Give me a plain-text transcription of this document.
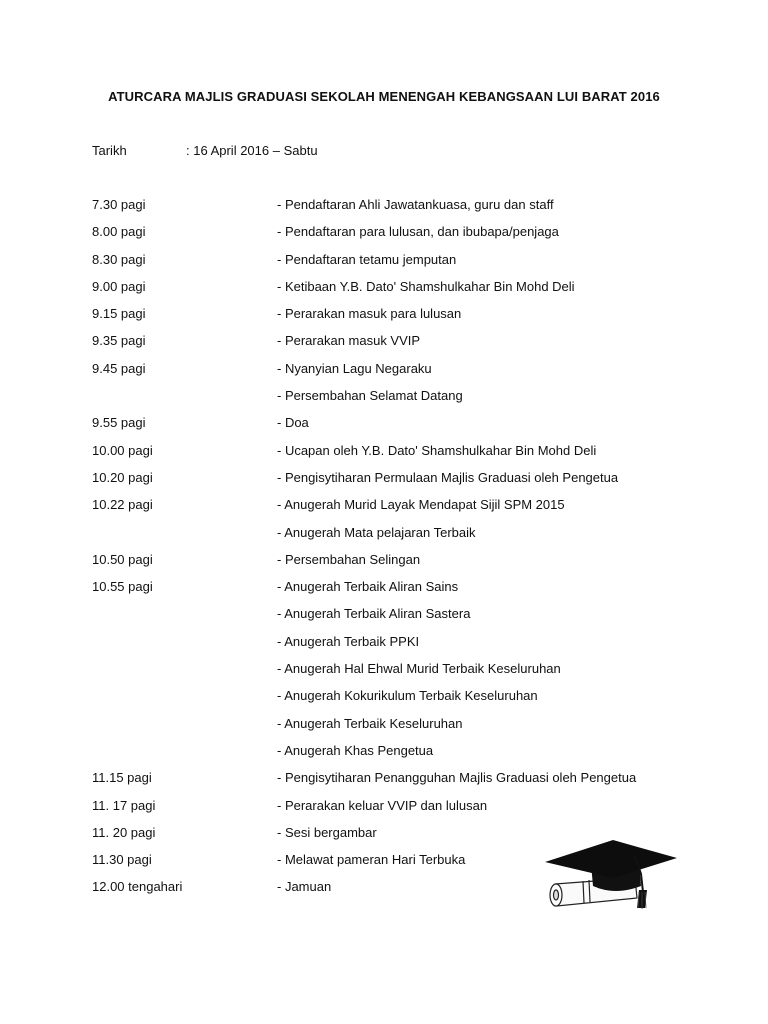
ATURCARA MAJLIS GRADUASI SEKOLAH MENENGAH KEBANGSAAN LUI BARAT 2016
Tarikh	: 16 April 2016 – Sabtu
7.30 pagi	- Pendaftaran Ahli Jawatankuasa, guru dan staff
8.00 pagi	- Pendaftaran para lulusan, dan ibubapa/penjaga
8.30 pagi	- Pendaftaran tetamu jemputan
9.00 pagi	- Ketibaan Y.B. Dato' Shamshulkahar Bin Mohd Deli
9.15 pagi	- Perarakan masuk para lulusan
9.35 pagi	- Perarakan masuk VVIP
9.45 pagi	- Nyanyian Lagu Negaraku
- Persembahan Selamat Datang
9.55 pagi	- Doa
10.00 pagi	- Ucapan oleh Y.B. Dato' Shamshulkahar Bin Mohd Deli
10.20 pagi	- Pengisytiharan Permulaan Majlis Graduasi oleh Pengetua
10.22 pagi	- Anugerah Murid Layak Mendapat Sijil SPM 2015
- Anugerah Mata pelajaran Terbaik
10.50 pagi	- Persembahan Selingan
10.55 pagi	- Anugerah Terbaik Aliran Sains
- Anugerah Terbaik Aliran Sastera
- Anugerah Terbaik PPKI
- Anugerah Hal Ehwal Murid Terbaik Keseluruhan
- Anugerah Kokurikulum Terbaik Keseluruhan
- Anugerah Terbaik Keseluruhan
- Anugerah Khas Pengetua
11.15 pagi	- Pengisytiharan Penangguhan Majlis Graduasi oleh Pengetua
11. 17 pagi	- Perarakan keluar VVIP dan lulusan
11. 20 pagi	- Sesi bergambar
11.30 pagi	- Melawat pameran Hari Terbuka
12.00 tengahari	- Jamuan
